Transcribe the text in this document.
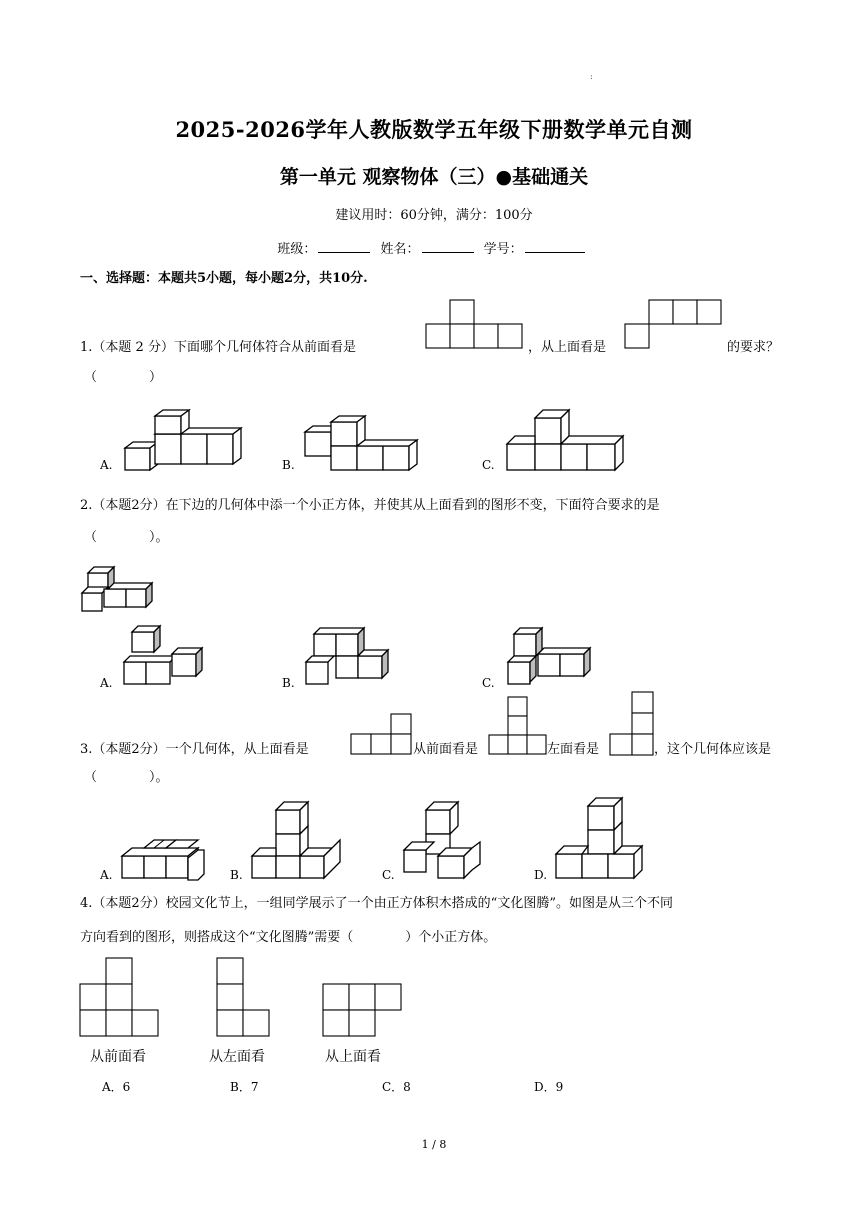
:
2025-2026学年人教版数学五年级下册数学单元自测
第一单元 观察物体（三）●基础通关
建议用时：60分钟，满分：100分
班级：	姓名：	学号：
一、选择题：本题共5小题，每小题2分，共10分.
1.（本题 2 分）下面哪个几何体符合从前面看是	，从上面看是	的要求？
（　　　　）
A.	B.	C.
2.（本题2分）在下边的几何体中添一个小正方体，并使其从上面看到的图形不变，下面符合要求的是
（　　　　）。
A.	B.	C.
3.（本题2分）一个几何体，从上面看是	从前面看是	左面看是	，这个几何体应该是
（　　　　）。
A.	B.	C.	D.
4.（本题2分）校园文化节上，一组同学展示了一个由正方体积木搭成的“文化图腾”。如图是从三个不同
方向看到的图形，则搭成这个“文化图腾”需要（　　　　）个小正方体。
从前面看	从左面看	从上面看
A．6	B．7	C．8	D．9
1 / 8
